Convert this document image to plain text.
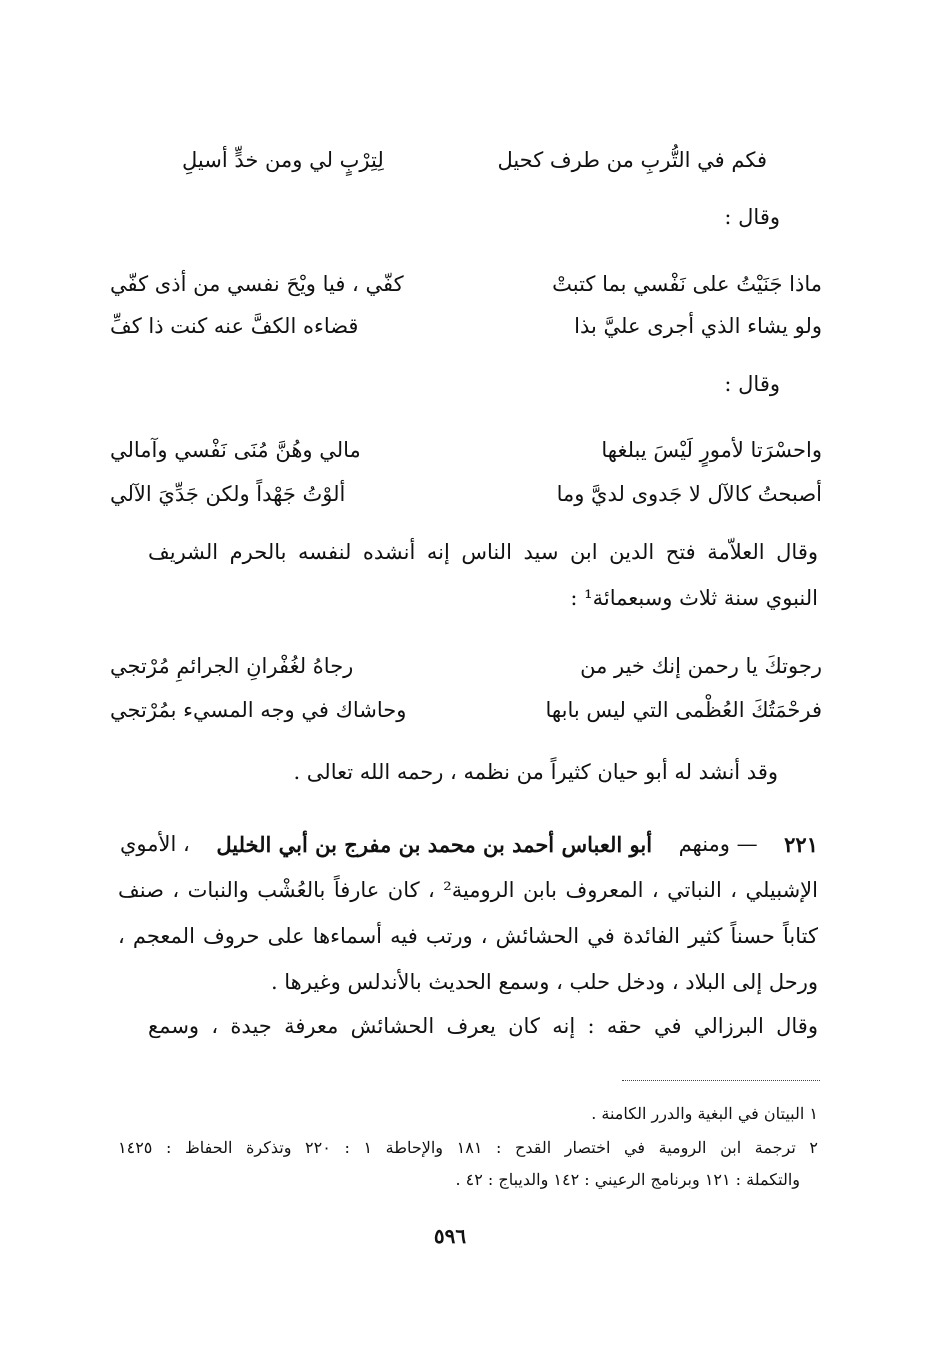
فكم في التُّربِ من طرف كحيل
لِتِرْبٍ لي ومن خدٍّ أسيلِ
وقال :
ماذا جَنَيْتُ على نَفْسي بما كتبتْ
كفّي ، فيا ويْحَ نفسي من أذى كفّي
ولو يشاء الذي أجرى عليَّ بذا
قضاءه الكفَّ عنه كنت ذا كفِّ
وقال :
واحسْرَتا لأمورٍ لَيْسَ يبلغها
مالي وهُنَّ مُنَى نَفْسي وآمالي
أصبحتُ كالآل لا جَدوى لديَّ وما
ألوْتُ جَهْداً ولكن جَدِّيَ الآلي
وقال العلاّمة فتح الدين ابن سيد الناس إنه أنشده لنفسه بالحرم الشريف
النبوي سنة ثلاث وسبعمائة¹ :
رجوتكَ يا رحمن إنك خير من
رجاهُ لغُفْرانِ الجرائمِ مُرْتجي
فرحْمَتُكَ العُظْمى التي ليس بابها
وحاشاك في وجه المسيء بمُرْتجي
وقد أنشد له أبو حيان كثيراً من نظمه ، رحمه الله تعالى .
٢٢١
— ومنهم
أبو العباس أحمد بن محمد بن مفرج بن أبي الخليل
، الأموي
الإشبيلي ، النباتي ، المعروف بابن الرومية² ، كان عارفاً بالعُشْب والنبات ، صنف
كتاباً حسناً كثير الفائدة في الحشائش ، ورتب فيه أسماءها على حروف المعجم ،
ورحل إلى البلاد ، ودخل حلب ، وسمع الحديث بالأندلس وغيرها .
وقال البرزالي في حقه : إنه كان يعرف الحشائش معرفة جيدة ، وسمع
١ البيتان في البغية والدرر الكامنة .
٢ ترجمة ابن الرومية في اختصار القدح : ١٨١ والإحاطة ١ : ٢٢٠ وتذكرة الحفاظ : ١٤٢٥
والتكملة : ١٢١ وبرنامج الرعيني : ١٤٢ والديباج : ٤٢ .
٥٩٦
